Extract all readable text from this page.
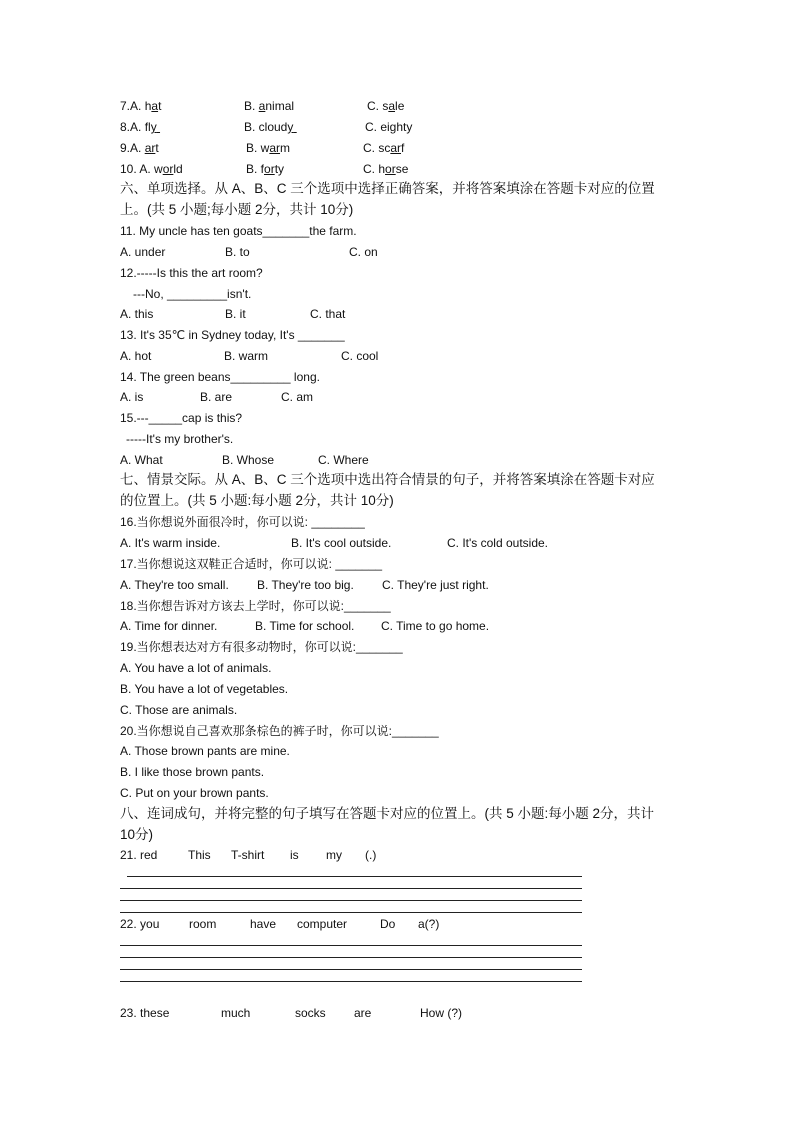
7.A. hat	B. animal	C. sale
8.A. fly	B. cloudy	C. eighty
9.A. art	B. warm	C. scarf
10. A. world	B. forty	C. horse
六、单项选择。从 A、B、C 三个选项中选择正确答案，并将答案填涂在答题卡对应的位置
上。(共 5 小题;每小题 2分，共计 10分)
11. My uncle has ten goats_______the farm.
A. under	B. to	C. on
12.-----Is this the art room?
---No, _________isn't.
A. this	B. it	C. that
13. It's 35℃ in Sydney today, It's _______
A. hot	B. warm	C. cool
14. The green beans_________ long.
A. is	B. are	C. am
15.---_____cap is this?
-----It's my brother's.
A. What	B. Whose	C. Where
七、情景交际。从 A、B、C 三个选项中选出符合情景的句子，并将答案填涂在答题卡对应
的位置上。(共 5 小题:每小题 2分，共计 10分)
16.当你想说外面很冷时，你可以说: ________
A. It's warm inside.	B. It's cool outside.	C. It's cold outside.
17.当你想说这双鞋正合适时，你可以说: _______
A. They're too small. B. They're too big. C. They're just right.
18.当你想告诉对方该去上学时，你可以说:_______
A. Time for dinner.	B. Time for school. C. Time to go home.
19.当你想表达对方有很多动物时，你可以说:_______
A. You have a lot of animals.
B. You have a lot of vegetables.
C. Those are animals.
20.当你想说自己喜欢那条棕色的裤子时，你可以说:_______
A. Those brown pants are mine.
B. I like those brown pants.
C. Put on your brown pants.
八、连词成句，并将完整的句子填写在答题卡对应的位置上。(共 5 小题:每小题 2分，共计
10分)
21. red	This T-shirt is my (.)
22. you room	have computer	Do a(?)
23. these	much	socks are	How (?)
